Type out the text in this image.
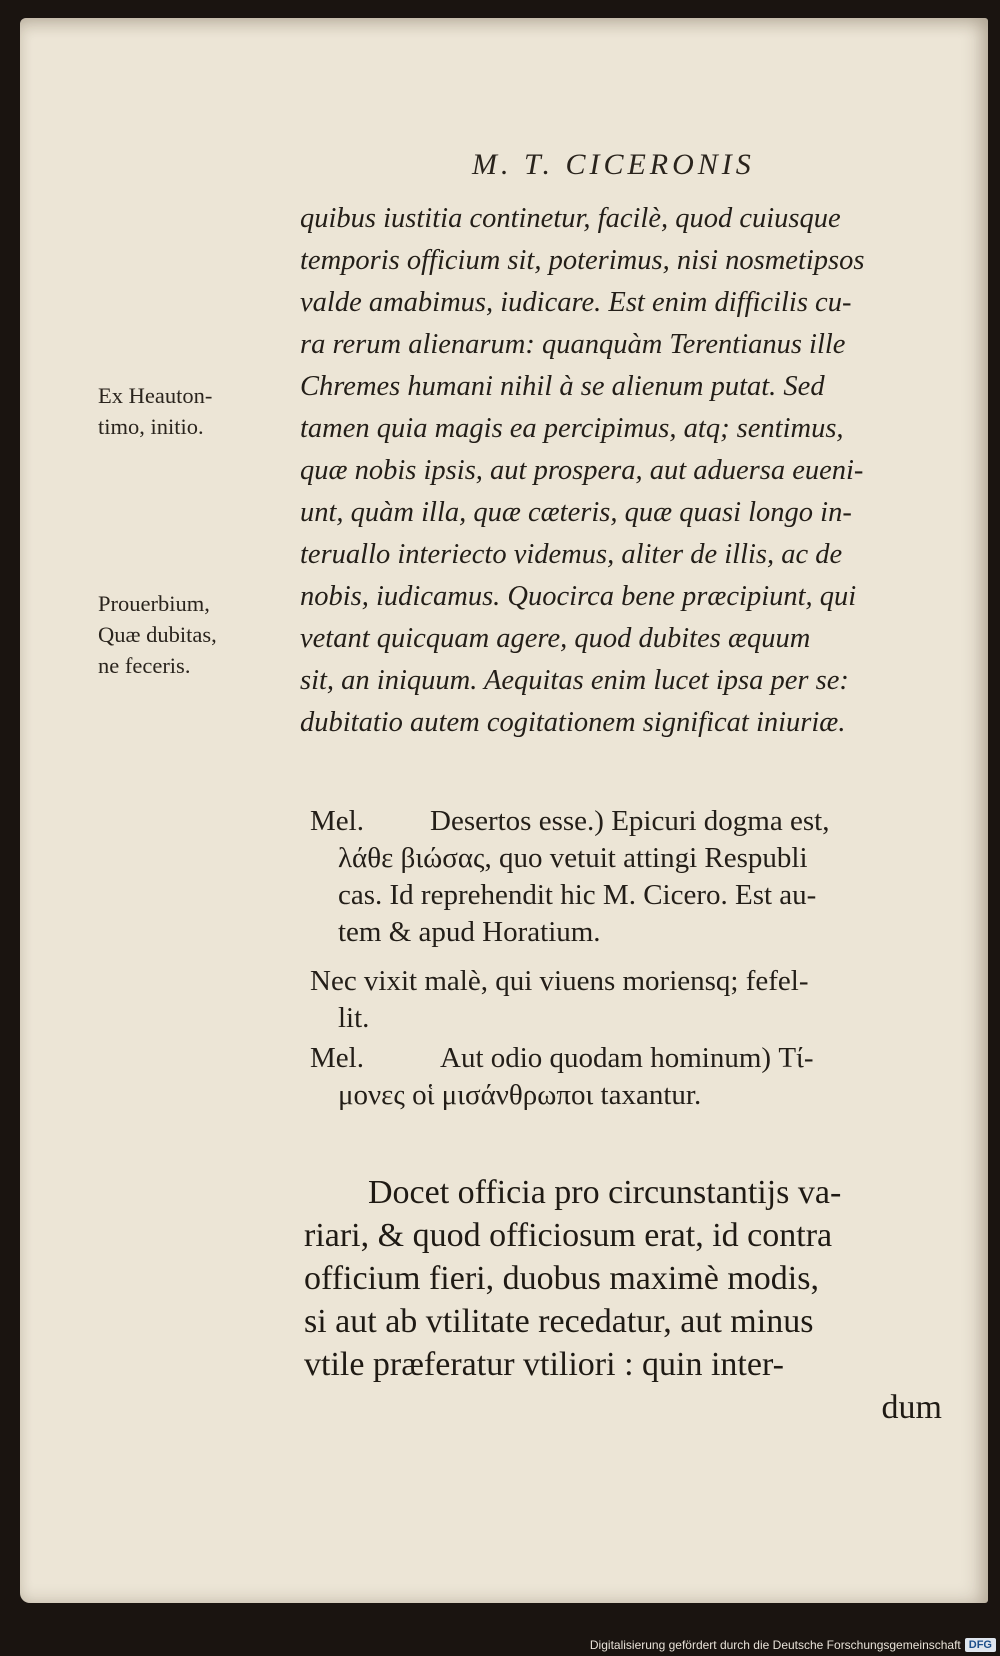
M. T. CICERONIS
quibus iustitia continetur, facilè, quod cuiusque
temporis officium sit, poterimus, nisi nosmetipsos
valde amabimus, iudicare. Est enim difficilis cu-
ra rerum alienarum: quanquàm Terentianus ille
Chremes humani nihil à se alienum putat. Sed
tamen quia magis ea percipimus, atq; sentimus,
quæ nobis ipsis, aut prospera, aut aduersa eueni-
unt, quàm illa, quæ cæteris, quæ quasi longo in-
teruallo interiecto videmus, aliter de illis, ac de
nobis, iudicamus. Quocirca bene præcipiunt, qui
vetant quicquam agere, quod dubites æquum
sit, an iniquum. Aequitas enim lucet ipsa per se:
dubitatio autem cogitationem significat iniuriæ.
Ex Heauton-
timo, initio.
Prouerbium,
Quæ dubitas,
ne feceris.
Mel. Desertos esse.) Epicuri dogma est,
λάθε βιώσας, quo vetuit attingi Respubli
cas. Id reprehendit hic M. Cicero. Est au-
tem & apud Horatium.
Nec vixit malè, qui viuens moriensq; fefel-
lit.
Mel.	Aut odio quodam hominum) Τί-
μονες οἱ μισάνθρωποι taxantur.
Docet officia pro circunstantijs va-
riari, & quod officiosum erat, id contra
officium fieri, duobus maximè modis,
si aut ab vtilitate recedatur, aut minus
vtile præferatur vtiliori : quin inter-
dum
Digitalisierung gefördert durch die Deutsche Forschungsgemeinschaft DFG
